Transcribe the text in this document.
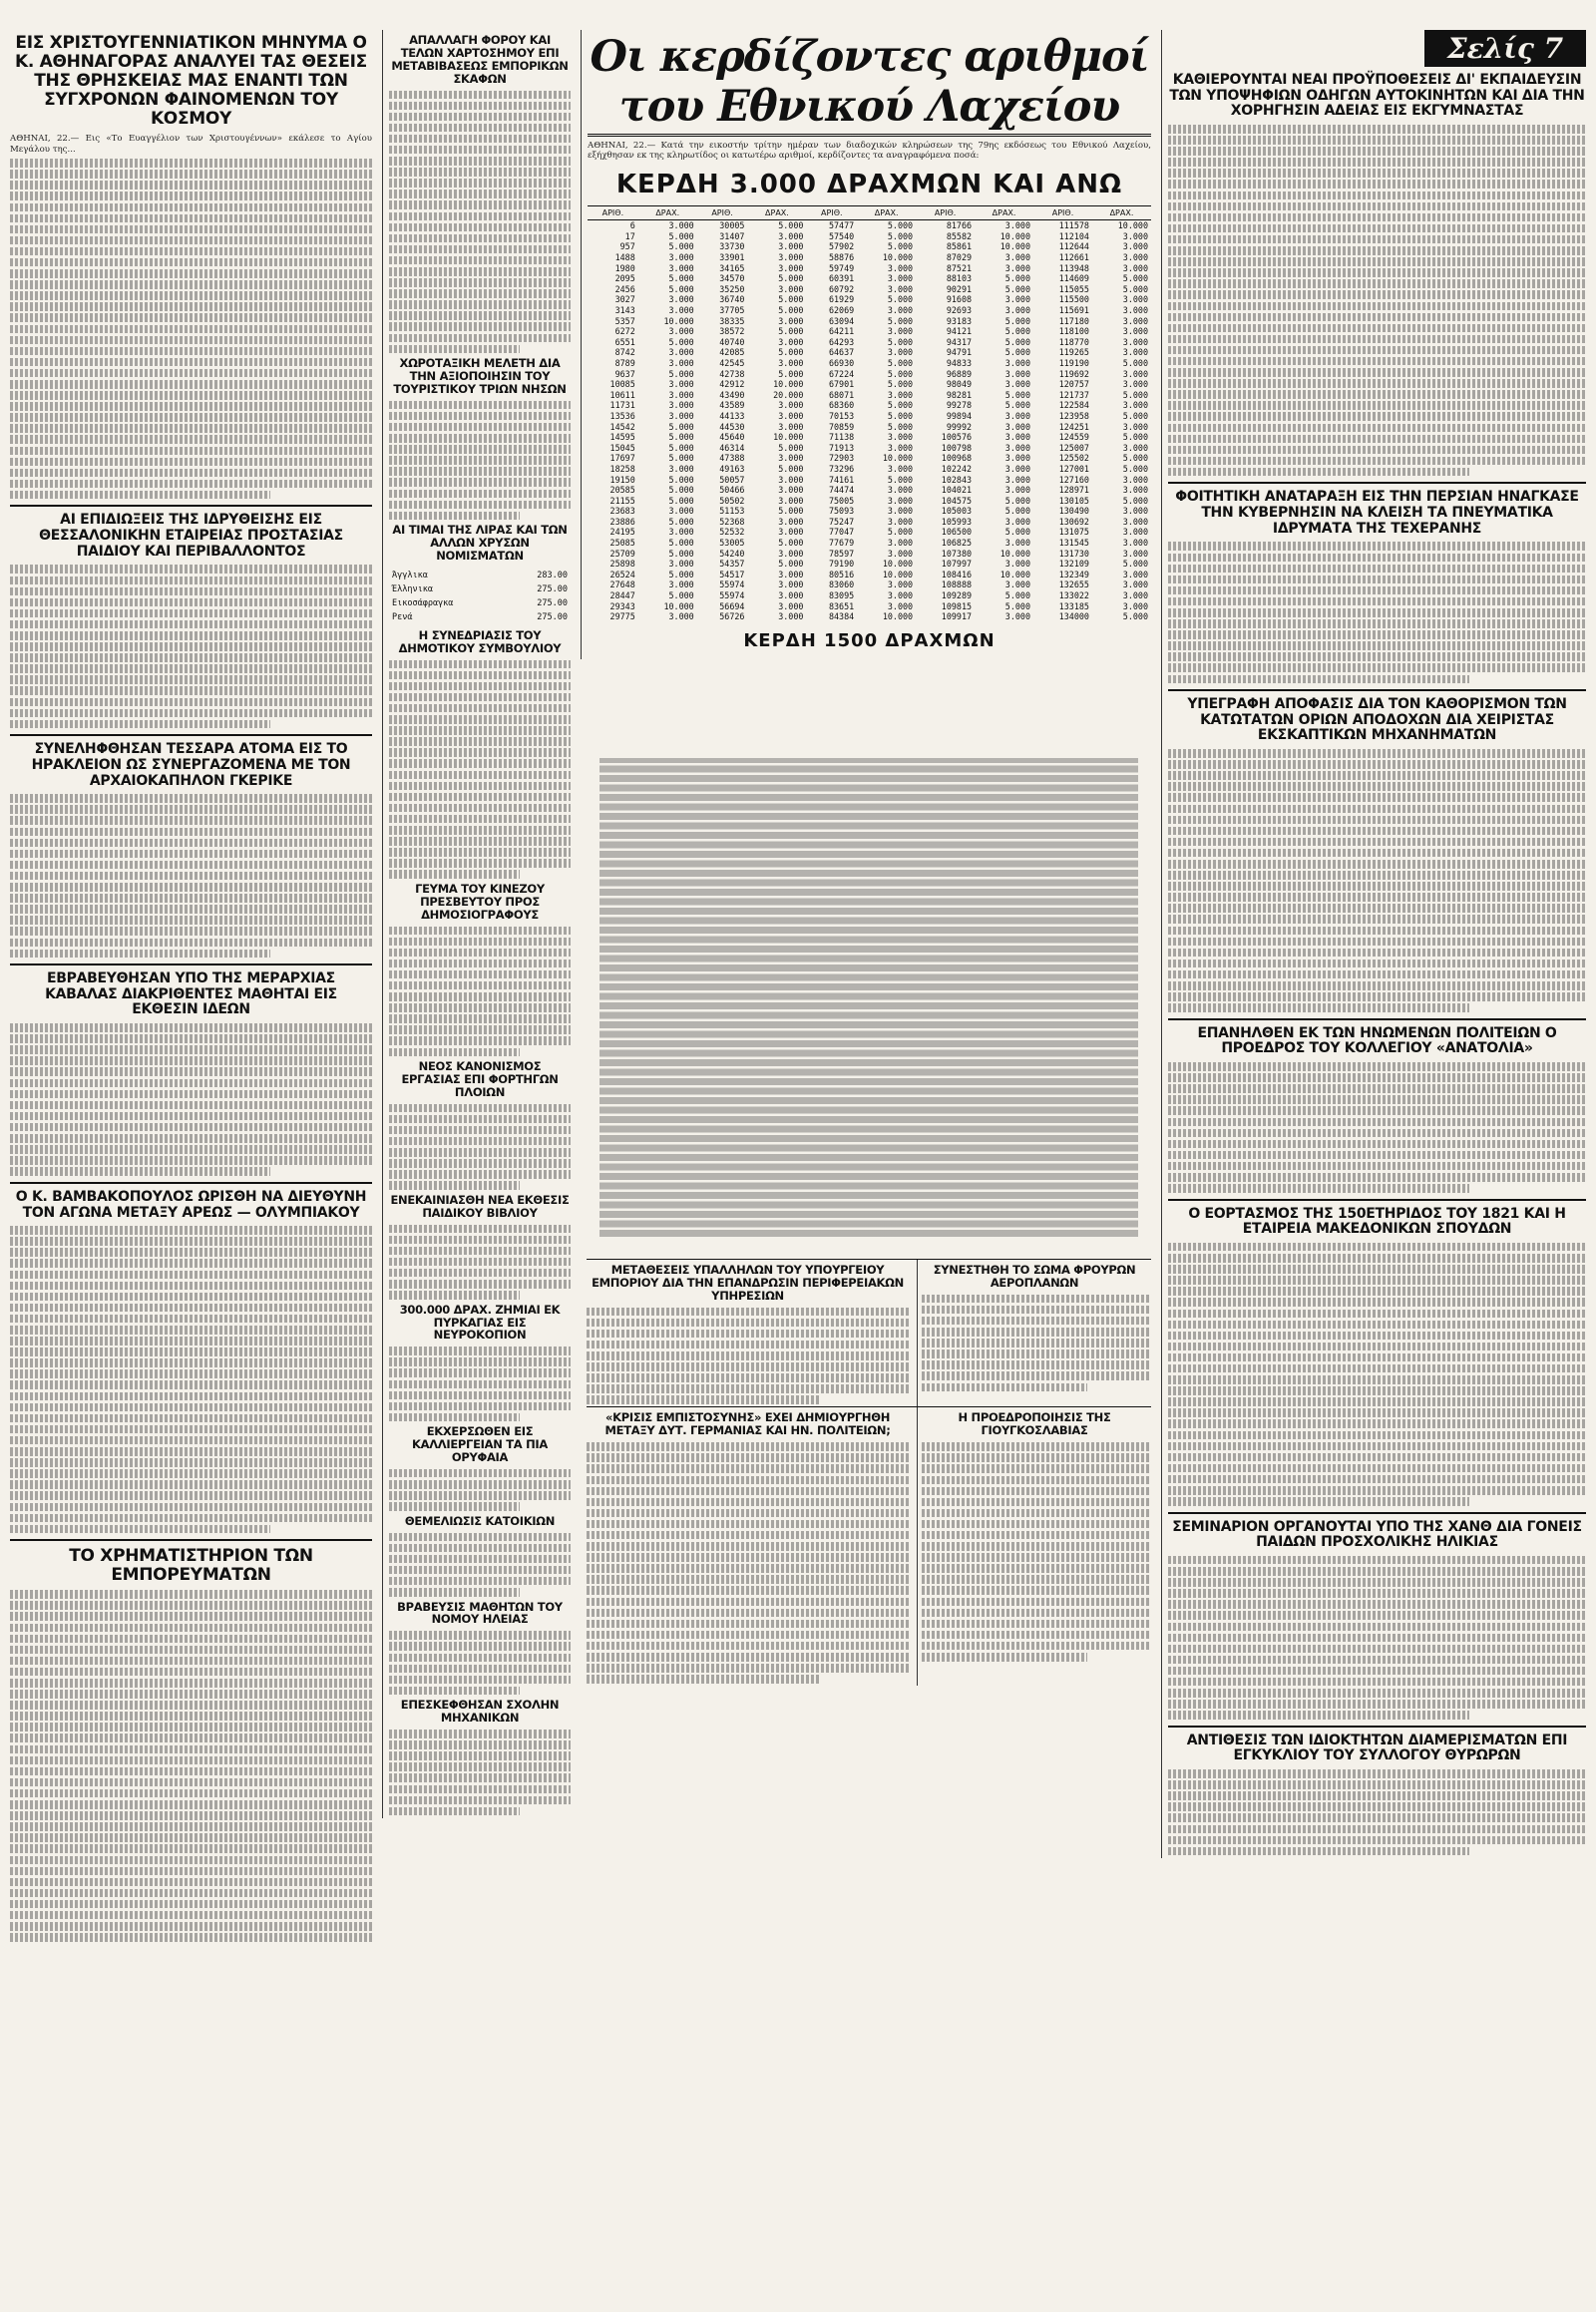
ΕΙΣ ΧΡΙΣΤΟΥΓΕΝΝΙΑΤΙΚΟΝ ΜΗΝΥΜΑ Ο Κ. ΑΘΗΝΑΓΟΡΑΣ ΑΝΑΛΥΕΙ ΤΑΣ ΘΕΣΕΙΣ ΤΗΣ ΘΡΗΣΚΕΙΑΣ ΜΑΣ ΕΝΑΝΤΙ ΤΩΝ ΣΥΓΧΡΟΝΩΝ ΦΑΙΝΟΜΕΝΩΝ ΤΟΥ ΚΟΣΜΟΥ
ΑΘΗΝΑΙ, 22.— Εις «Το Ευαγγέλιον των Χριστουγέννων» εκάλεσε το Αγίου Μεγάλου της...
ΑΙ ΕΠΙΔΙΩΞΕΙΣ ΤΗΣ ΙΔΡΥΘΕΙΣΗΣ ΕΙΣ ΘΕΣΣΑΛΟΝΙΚΗΝ ΕΤΑΙΡΕΙΑΣ ΠΡΟΣΤΑΣΙΑΣ ΠΑΙΔΙΟΥ ΚΑΙ ΠΕΡΙΒΑΛΛΟΝΤΟΣ
ΣΥΝΕΛΗΦΘΗΣΑΝ ΤΕΣΣΑΡΑ ΑΤΟΜΑ ΕΙΣ ΤΟ ΗΡΑΚΛΕΙΟΝ ΩΣ ΣΥΝΕΡΓΑΖΟΜΕΝΑ ΜΕ ΤΟΝ ΑΡΧΑΙΟΚΑΠΗΛΟΝ ΓΚΕΡΙΚΕ
ΕΒΡΑΒΕΥΘΗΣΑΝ ΥΠΟ ΤΗΣ ΜΕΡΑΡΧΙΑΣ ΚΑΒΑΛΑΣ ΔΙΑΚΡΙΘΕΝΤΕΣ ΜΑΘΗΤΑΙ ΕΙΣ ΕΚΘΕΣΙΝ ΙΔΕΩΝ
Ο Κ. ΒΑΜΒΑΚΟΠΟΥΛΟΣ ΩΡΙΣΘΗ ΝΑ ΔΙΕΥΘΥΝΗ ΤΟΝ ΑΓΩΝΑ ΜΕΤΑΞΥ ΑΡΕΩΣ — ΟΛΥΜΠΙΑΚΟΥ
ΤΟ ΧΡΗΜΑΤΙΣΤΗΡΙΟΝ ΤΩΝ ΕΜΠΟΡΕΥΜΑΤΩΝ
ΑΠΑΛΛΑΓΗ ΦΟΡΟΥ ΚΑΙ ΤΕΛΩΝ ΧΑΡΤΟΣΗΜΟΥ ΕΠΙ ΜΕΤΑΒΙΒΑΣΕΩΣ ΕΜΠΟΡΙΚΩΝ ΣΚΑΦΩΝ
ΧΩΡΟΤΑΞΙΚΗ ΜΕΛΕΤΗ ΔΙΑ ΤΗΝ ΑΞΙΟΠΟΙΗΣΙΝ ΤΟΥ ΤΟΥΡΙΣΤΙΚΟΥ ΤΡΙΩΝ ΝΗΣΩΝ
ΑΙ ΤΙΜΑΙ ΤΗΣ ΛΙΡΑΣ ΚΑΙ ΤΩΝ ΑΛΛΩΝ ΧΡΥΣΩΝ ΝΟΜΙΣΜΑΤΩΝ
Άγγλικα	283.00
Έλληνικα	275.00
Εικοσάφραγκα	275.00
Ρενά	275.00
Η ΣΥΝΕΔΡΙΑΣΙΣ ΤΟΥ ΔΗΜΟΤΙΚΟΥ ΣΥΜΒΟΥΛΙΟΥ
ΓΕΥΜΑ ΤΟΥ ΚΙΝΕΖΟΥ ΠΡΕΣΒΕΥΤΟΥ ΠΡΟΣ ΔΗΜΟΣΙΟΓΡΑΦΟΥΣ
ΝΕΟΣ ΚΑΝΟΝΙΣΜΟΣ ΕΡΓΑΣΙΑΣ ΕΠΙ ΦΟΡΤΗΓΩΝ ΠΛΟΙΩΝ
ΕΝΕΚΑΙΝΙΑΣΘΗ ΝΕΑ ΕΚΘΕΣΙΣ ΠΑΙΔΙΚΟΥ ΒΙΒΛΙΟΥ
300.000 ΔΡΑΧ. ΖΗΜΙΑΙ ΕΚ ΠΥΡΚΑΓΙΑΣ ΕΙΣ ΝΕΥΡΟΚΟΠΙΟΝ
ΕΚΧΕΡΣΩΘΕΝ ΕΙΣ ΚΑΛΛΙΕΡΓΕΙΑΝ ΤΑ ΠΙΑ ΟΡΥΦΑΙΑ
ΘΕΜΕΛΙΩΣΙΣ ΚΑΤΟΙΚΙΩΝ
ΒΡΑΒΕΥΣΙΣ ΜΑΘΗΤΩΝ ΤΟΥ ΝΟΜΟΥ ΗΛΕΙΑΣ
ΕΠΕΣΚΕΦΘΗΣΑΝ ΣΧΟΛΗΝ ΜΗΧΑΝΙΚΩΝ
Οι κερδίζοντες αριθμοί του Εθνικού Λαχείου
ΑΘΗΝΑΙ, 22.— Κατά την εικοστήν τρίτην ημέραν των διαδοχικών κληρώσεων της 79ης εκδόσεως του Εθνικού Λαχείου, εξήχθησαν εκ της κληρωτίδος οι κατωτέρω αριθμοί, κερδίζοντες τα αναγραφόμενα ποσά:
ΚΕΡΔΗ 3.000 ΔΡΑΧΜΩΝ ΚΑΙ ΑΝΩ
ΑΡΙΘ.	ΔΡΑΧ.	ΑΡΙΘ.	ΔΡΑΧ.	ΑΡΙΘ.	ΔΡΑΧ.	ΑΡΙΘ.	ΔΡΑΧ.	ΑΡΙΘ.	ΔΡΑΧ.
6	3.000	30005	5.000	57477	5.000	81766	3.000	111578	10.000
17	5.000	31407	3.000	57540	5.000	85582	10.000	112104	3.000
957	5.000	33730	3.000	57902	5.000	85861	10.000	112644	3.000
1488	3.000	33901	3.000	58876	10.000	87029	3.000	112661	3.000
1980	3.000	34165	3.000	59749	3.000	87521	3.000	113948	3.000
2095	5.000	34570	5.000	60391	3.000	88103	5.000	114609	5.000
2456	5.000	35250	3.000	60792	3.000	90291	5.000	115055	5.000
3027	3.000	36740	5.000	61929	5.000	91608	3.000	115500	3.000
3143	3.000	37705	5.000	62069	3.000	92693	3.000	115691	3.000
5357	10.000	38335	3.000	63094	5.000	93183	5.000	117180	3.000
6272	3.000	38572	5.000	64211	3.000	94121	5.000	118100	3.000
6551	5.000	40740	3.000	64293	5.000	94317	5.000	118770	3.000
8742	3.000	42085	5.000	64637	3.000	94791	5.000	119265	3.000
8789	3.000	42545	3.000	66930	5.000	94833	3.000	119190	5.000
9637	5.000	42738	5.000	67224	5.000	96889	3.000	119692	3.000
10085	3.000	42912	10.000	67901	5.000	98049	3.000	120757	3.000
10611	3.000	43490	20.000	68071	3.000	98281	5.000	121737	5.000
11731	3.000	43589	3.000	68360	5.000	99278	5.000	122584	3.000
13536	3.000	44133	3.000	70153	5.000	99894	3.000	123958	5.000
14542	5.000	44530	3.000	70859	5.000	99992	3.000	124251	3.000
14595	5.000	45640	10.000	71138	3.000	100576	3.000	124559	5.000
15045	5.000	46314	5.000	71913	3.000	100798	3.000	125007	3.000
17697	5.000	47388	3.000	72903	10.000	100968	3.000	125502	5.000
18258	3.000	49163	5.000	73296	3.000	102242	3.000	127001	5.000
19150	5.000	50057	3.000	74161	5.000	102843	3.000	127160	3.000
20585	5.000	50466	3.000	74474	3.000	104021	3.000	128971	3.000
21155	5.000	50502	3.000	75005	3.000	104575	5.000	130105	5.000
23683	3.000	51153	5.000	75093	3.000	105003	5.000	130490	3.000
23886	5.000	52368	3.000	75247	3.000	105993	3.000	130692	3.000
24195	3.000	52532	3.000	77047	5.000	106500	5.000	131075	3.000
25085	5.000	53005	5.000	77679	3.000	106825	3.000	131545	3.000
25709	5.000	54240	3.000	78597	3.000	107380	10.000	131730	3.000
25898	3.000	54357	5.000	79190	10.000	107997	3.000	132109	5.000
26524	5.000	54517	3.000	80516	10.000	108416	10.000	132349	3.000
27648	3.000	55974	3.000	83060	3.000	108888	3.000	132655	3.000
28447	5.000	55974	3.000	83095	3.000	109289	5.000	133022	3.000
29343	10.000	56694	3.000	83651	3.000	109815	5.000	133185	3.000
29775	3.000	56726	3.000	84384	10.000	109917	3.000	134000	5.000
ΚΕΡΔΗ 1500 ΔΡΑΧΜΩΝ
ΜΕΤΑΘΕΣΕΙΣ ΥΠΑΛΛΗΛΩΝ ΤΟΥ ΥΠΟΥΡΓΕΙΟΥ ΕΜΠΟΡΙΟΥ ΔΙΑ ΤΗΝ ΕΠΑΝΔΡΩΣΙΝ ΠΕΡΙΦΕΡΕΙΑΚΩΝ ΥΠΗΡΕΣΙΩΝ
ΣΥΝΕΣΤΗΘΗ ΤΟ ΣΩΜΑ ΦΡΟΥΡΩΝ ΑΕΡΟΠΛΑΝΩΝ
«ΚΡΙΣΙΣ ΕΜΠΙΣΤΟΣΥΝΗΣ» ΕΧΕΙ ΔΗΜΙΟΥΡΓΗΘΗ ΜΕΤΑΞΥ ΔΥΤ. ΓΕΡΜΑΝΙΑΣ ΚΑΙ ΗΝ. ΠΟΛΙΤΕΙΩΝ;
Η ΠΡΟΕΔΡΟΠΟΙΗΣΙΣ ΤΗΣ ΓΙΟΥΓΚΟΣΛΑΒΙΑΣ
Σελίς 7
ΚΑΘΙΕΡΟΥΝΤΑΙ ΝΕΑΙ ΠΡΟΫΠΟΘΕΣΕΙΣ ΔΙ' ΕΚΠΑΙΔΕΥΣΙΝ ΤΩΝ ΥΠΟΨΗΦΙΩΝ ΟΔΗΓΩΝ ΑΥΤΟΚΙΝΗΤΩΝ ΚΑΙ ΔΙΑ ΤΗΝ ΧΟΡΗΓΗΣΙΝ ΑΔΕΙΑΣ ΕΙΣ ΕΚΓΥΜΝΑΣΤΑΣ
ΦΟΙΤΗΤΙΚΗ ΑΝΑΤΑΡΑΞΗ ΕΙΣ ΤΗΝ ΠΕΡΣΙΑΝ ΗΝΑΓΚΑΣΕ ΤΗΝ ΚΥΒΕΡΝΗΣΙΝ ΝΑ ΚΛΕΙΣΗ ΤΑ ΠΝΕΥΜΑΤΙΚΑ ΙΔΡΥΜΑΤΑ ΤΗΣ ΤΕΧΕΡΑΝΗΣ
ΥΠΕΓΡΑΦΗ ΑΠΟΦΑΣΙΣ ΔΙΑ ΤΟΝ ΚΑΘΟΡΙΣΜΟΝ ΤΩΝ ΚΑΤΩΤΑΤΩΝ ΟΡΙΩΝ ΑΠΟΔΟΧΩΝ ΔΙΑ ΧΕΙΡΙΣΤΑΣ ΕΚΣΚΑΠΤΙΚΩΝ ΜΗΧΑΝΗΜΑΤΩΝ
ΕΠΑΝΗΛΘΕΝ ΕΚ ΤΩΝ ΗΝΩΜΕΝΩΝ ΠΟΛΙΤΕΙΩΝ Ο ΠΡΟΕΔΡΟΣ ΤΟΥ ΚΟΛΛΕΓΙΟΥ «ΑΝΑΤΟΛΙΑ»
Ο ΕΟΡΤΑΣΜΟΣ ΤΗΣ 150ΕΤΗΡΙΔΟΣ ΤΟΥ 1821 ΚΑΙ Η ΕΤΑΙΡΕΙΑ ΜΑΚΕΔΟΝΙΚΩΝ ΣΠΟΥΔΩΝ
ΣΕΜΙΝΑΡΙΟΝ ΟΡΓΑΝΟΥΤΑΙ ΥΠΟ ΤΗΣ ΧΑΝΘ ΔΙΑ ΓΟΝΕΙΣ ΠΑΙΔΩΝ ΠΡΟΣΧΟΛΙΚΗΣ ΗΛΙΚΙΑΣ
ΑΝΤΙΘΕΣΙΣ ΤΩΝ ΙΔΙΟΚΤΗΤΩΝ ΔΙΑΜΕΡΙΣΜΑΤΩΝ ΕΠΙ ΕΓΚΥΚΛΙΟΥ ΤΟΥ ΣΥΛΛΟΓΟΥ ΘΥΡΩΡΩΝ
